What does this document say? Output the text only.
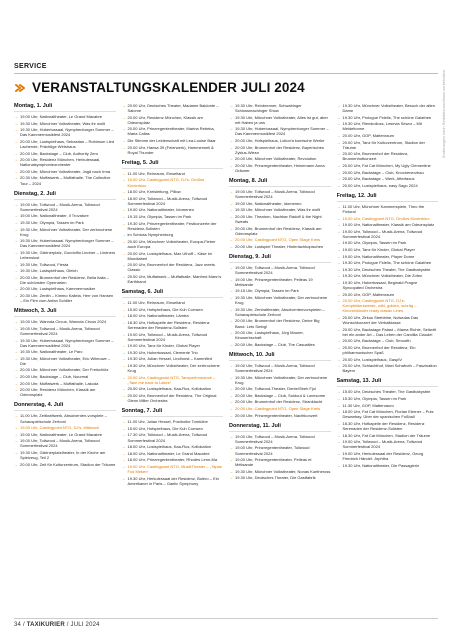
SERVICE
VERANSTALTUNGSKALENDER JULI 2024	Änderungen nach Redaktionsschluss vorbehalten
Montag, 1. Juli
→ 19.00 Uhr, Nationaltheater, Le Grand Macabre
→ 19.30 Uhr, Münchner Volkstheater, Was ihr wollt
→ 19.30 Uhr, Hubertussaal, Nymphenburger Sommer – Das Kammermusikfest 2024
→ 20.00 Uhr, Lustspielhaus, Sebastian – Robinson Lied Lachende, Prächtige Wirtshaus
→ 20.00 Uhr, Backstage – Club, Authority Zero
→ 20.00 Uhr, Residenz München, Herkulessaal, Nationalsymphonieorchester
→ 20.00 Uhr, Münchner Volkstheater, Jagd nach Irma
→ 20.30 Uhr, Muffatwerk – Muffathalle, The Collective Tour – 2024
Dienstag, 2. Juli
→ 19.00 Uhr, Tollwood – Musik-Arena, Tollwood Sommerfestival 2024
→ 19.00 Uhr, Nationaltheater, Il Trovatore
→ 19.30 Uhr, Olympia, Tassen im Park
→ 19.30 Uhr, Münchner Volkstheater, Der zerbrochene Krug
→ 19.30 Uhr, Hubertussaal, Nymphenburger Sommer – Das Kammermusikfest 2024
→ 19.30 Uhr, Gärtnerplatz, Gondolfio Lindner – Lindners Lebenslust
→ 19.30 Uhr, Tollwood, Fiesta
→ 19.30 Uhr, Lustspielhaus, Gleich
→ 20.00 Uhr, Brunnenhof der Residenz, Bella Italia – Die schönsten Opernarien
→ 20.00 Uhr, Lustspielhaus, Kammermusiker
→ 20.30 Uhr, Zenith – Kimmo Kallela, Herr von Hansen – Ein Film vom Anfan Schiller
Mittwoch, 3. Juli
→ 19.00 Uhr, Wannda Circus, Wannda Circus 2024
→ 19.00 Uhr, Tollwood – Musik-Arena, Tollwood Sommerfestival 2024
→ 19.30 Uhr, Hubertussaal, Nymphenburger Sommer – Das Kammermusikfest 2024
→ 19.30 Uhr, Nationaltheater, Le Parc
→ 19.30 Uhr, Münchner Volkstheater, Eric Wilmowe – Die
→ 20.00 Uhr, Münchner Volkstheater, Der Freischütz
→ 20.00 Uhr, Backstage – Club, Nourmal
→ 20.00 Uhr, Muffatwerk – Muffathalle, Lakoda
→ 20.00 Uhr, Residenz München, Klassik am Odeonsplatz
Donnerstag, 4. Juli
→ 11.00 Uhr, Zeitkraftwerk, Absolventen-vorspiele – Schauspielschule Zerboni
→ 19.00 Uhr, Castingpoint NTG, DJ's: Mittwoch
→ 19.00 Uhr, Nationaltheater, Le Grand Macabre
→ 19.00 Uhr, Tollwood – Musik-Arena, Tollwood Sommerfestival 2024
→ 19.30 Uhr, Gärtnerplatztheater, In der Kirche am Spielzeug, Teil 2
→ 20.00 Uhr, Zeit für Kulturzentrum, Stadion der Träume
→ 20.00 Uhr, Deutsches Theater, Madame Baldonte – Salome
→ 20.00 Uhr, Residenz München, Klassik am Odeonsplatz
→ 20.00 Uhr, Prinzregententheater, Marina Rebeka, Maria Callas
→ Die Stimme der Leidenschaft mit Lea-Louise Baar
→ 20.00 Uhr, Hansa 39 (Feierwerk), Hammerwell & Royal Thunder
Freitag, 5. Juli
→ 11.00 Uhr, Reinraum, Einselland
→ 15.00 Uhr, Castingpoint NTG, DJ's: Großes Kinderkino
→ 18.00 Uhr, Kreisleitung, Pillow
→ 18.00 Uhr, Tollwood – Musik-Arena, Tollwood Sommerfestival 2024
→ 19.00 Uhr, Nationaltheater, Idomeneo
→ 19.15 Uhr, Olympia, Tassen im Park
→ 19.30 Uhr, Prinzregententheater, Festkonzerte der Residenz-Solisten
→ im Schloss Nymphenburg
→ 20.00 Uhr, Münchner Volkstheater, Europa-Fieber auch Europa
→ 20.00 Uhr, Lustspielhaus, Max Uthoff – Käse im Mundlaberl
→ 20.00 Uhr, Brunnenhof der Residenz, Jazz meets Classic
→ 20.00 Uhr, Muffatwerk – Muffathalle, Manfred Mann's Earthband
Samstag, 6. Juli
→ 11.00 Uhr, Reinraum, Einselland
→ 15.00 Uhr, Hofspielhaus, Die Kuh Cornsen
→ 18.00 Uhr, Nationaltheater, Lämtra
→ 18.30 Uhr, Hofkapelle der Residenz, Residenz Serenaden der Residenz-Solisten
→ 19.00 Uhr, Tollwood – Musik-Arena, Tollwood Sommerfestival 2024
→ 19.00 Uhr, Tanz für Kinder, Global Player
→ 19.30 Uhr, Hubertussaal, Clemente Trio
→ 19.30 Uhr, Julian Hessel, Lindhorst – Kammfled
→ 19.30 Uhr, Münchner Volkstheater, Der zerbrochene Krug
→ 20.00 Uhr, Castingpoint NTG, Tanzperformance – „Take me back to Lakes“
→ 20.00 Uhr, Lustspielhaus, Kaa-Rus, Kollokation
→ 20.00 Uhr, Brunnenhof der Residenz, The Original Glenn Miller Orchestra
Sonntag, 7. Juli
→ 11.00 Uhr, Julian Hessel, Postholbe Tomköbe
→ 15.00 Uhr, Hofspielhaus, Die Kuh Cornsen
→ 17.30 Uhr, Tollwood – Musik-Arena, Tollwood Sommerfestival 2024
→ 18.00 Uhr, Lustspielhaus, Kaa-Rus, Kollokation
→ 18.00 Uhr, Nationaltheater, Le Grand Macabre
→ 18.00 Uhr, Prinzregententheater, Rhodes Lenn-Ma
→ 19.00 Uhr, Castingpoint NTG, MusikTheater – „Tapas Fod Meken“
→ 19.30 Uhr, Herkulessaal der Residenz, Bolero – Ein Amerikaner in Paris – Gaelic Symphony
→ 19.30 Uhr, Reinbrenner, Schwabinger Schlossmachinger Show
→ 19.30 Uhr, Münchner Volkstheater, Alles ist gut, aber mit Haben ja uns
→ 19.30 Uhr, Hubertussaal, Nymphenburger Sommer – Das Kammermusikfest 2024
→ 20.00 Uhr, Hofspielhaus, Lotion'a komische Werke
→ 20.00 Uhr, Brunnenhof der Residenz, Bayerisches Zyklus-Wiesn
→ 20.00 Uhr, Münchner Volkstheater, Revolution
→ 20.00 Uhr, Prinzregententheater, Heinemann Anna Gräuner
Montag, 8. Juli
→ 19.00 Uhr, Tollwood – Musik-Arena, Tollwood Sommerfestival 2024
→ 19.00 Uhr, Nationaltheater, Idomeneo
→ 19.30 Uhr, Münchner Volkstheater, Was ihr wollt
→ 20.00 Uhr, Theatron, Nachbar Radoff & the Night Sweats
→ 20.00 Uhr, Brunnenhof der Residenz, Klassik am Odeonsplatz
→ 20.00 Uhr, Castingpoint NTG, Open Stage Kreis
→ 20.00 Uhr, Lustspiel Theater, Hinterlachkopischen
Dienstag, 9. Juli
→ 19.00 Uhr, Tollwood – Musik-Arena, Tollwood Sommerfestival 2024
→ 19.00 Uhr, Prinzregententheater, Pelleas 19 Melisande
→ 19.15 Uhr, Olympia, Tassen im Park
→ 19.30 Uhr, Münchner Volkstheater, Der zerbrochene Krug
→ 19.30 Uhr, Zentraltheater, Absolventenvorspielen – Schauspielschule Zerboni
→ 20.00 Uhr, Brunnenhof der Residenz, Deine Big Band: Lets Swing!
→ 20.00 Uhr, Lustspielhaus, Jörg Maurer, Kinoserbschaft
→ 20.00 Uhr, Backstage – Club, The Casualties
Mittwoch, 10. Juli
→ 19.00 Uhr, Tollwood – Musik-Arena, Tollwood Sommerfestival 2024
→ 19.30 Uhr, Münchner Volkstheater, Der zerbrochene Krug
→ 20.00 Uhr, Tollwood-Theater, Dente/Sbeh Fjol
→ 20.00 Uhr, Backstage – Club, Soldout & Lonesome
→ 20.00 Uhr, Brunnenhof der Residenz, Stranklacht
→ 20.00 Uhr, Castingpoint NTG, Open Stage Kreis
→ 20.00 Uhr, Prinzregententheater, Nachtkonzert
Donnerstag, 11. Juli
→ 19.00 Uhr, Tollwood – Musik-Arena, Tollwood Sommerfestival 2024
→ 19.00 Uhr, Prinzregententheater, Tollwood Sommerfestival 2024
→ 19.00 Uhr, Prinzregententheater, Pelleas et Mélisande
→ 19.30 Uhr, Münchner Volkstheater, Nonas Kuetheross
→ 19.30 Uhr, Deutsches Theater, Die Gastfabrik
→ 19.30 Uhr, Münchner Volkstheater, Besuch der alten Dame
→ 19.30 Uhr, Prologue Fidelis, The schöne Galathee
→ 19.30 Uhr, Riemkolloss, Lesevla Sewor – Mit Meldeltonne
→ 20.00 Uhr, GOP, Mattenraum
→ 20.00 Uhr, Tanz für Kulturzentrum, Stadion der Träume
→ 20.00 Uhr, Brunnenhof der Residenz, Brunnenhofkonzert
→ 20.00 Uhr, Fat Cat München, My Ugly Clementine
→ 20.00 Uhr, Backstage – Club, Knochenerzbau
→ 20.00 Uhr, Backstage – Werk, Aftertaxus
→ 20.00 Uhr, Lustspielhaus, easy Sago 2024
Freitag, 12. Juli
→ 11.00 Uhr, Münchner Kammerspiele, Theo the Fictoral
→ 15.00 Uhr, Castingpoint NTG, Großes Kinderkino
→ 19.00 Uhr, Nationaltheater, Klassik am Odeonsplatz
→ 19.00 Uhr, Tollwood – Musik-Arena, Tollwood Sommerfestival 2024
→ 19.00 Uhr, Olympia, Tassen im Park
→ 19.00 Uhr, Tanz für Kinder, Global Player
→ 19.00 Uhr, Nationaltheater, Player Dome
→ 19.30 Uhr, Prologue Fidelis, The schöne Galathee
→ 19.30 Uhr, Deutsches Theater, The Gastbabystrie
→ 19.30 Uhr, Münchner Volkstheater, Die Zofen
→ 19.30 Uhr, Hubertussaal, Beginald Pragve Syncopated Orchestra
→ 20.00 Uhr, GOP, Mattenraum
→ 20.00 Uhr, Castingpoint NTG, DJ's: Kompbilderswerde, wild, golden, schräg – Kinoreinkinder ready classic Lines
→ 20.00 Uhr, Zirkus Strebbine, Notwulas Das Wunschkonzert der Verbalklasse
→ 20.00 Uhr, Backstage Palast – Mama Richie, Seltwitt bei ein ander Art – Das Leben der Camillia Claudel
→ 20.00 Uhr, Backstage – Club, Smoutth
→ 20.00 Uhr, Brunnenhof der Residenz, Ein philharmonischer Spaß
→ 20.00 Uhr, Lustspielhaus, GaspIV
→ 20.00 Uhr, Schlachthof, Maxi Schafroth – Faszination Bayern
Samstag, 13. Juli
→ 15.00 Uhr, Deutsches Theater, The Gastbabystrie
→ 15.30 Uhr, Olympia, Tassen im Park
→ 11.30 Uhr, GOP, Mattenraum
→ 18.00 Uhr, Fat Cat München, Florian Ebener – Puis Dewanbay. Über der spanischen Fußball
→ 18.30 Uhr, Hofkapelle der Residenz, Residenz Serenaden der Residenz-Solisten
→ 18.30 Uhr, Fat Cat München, Stadion der Träume
→ 19.00 Uhr, Tollwood – Musik-Arena, Tollwood Sommerfestival 2024
→ 19.00 Uhr, Herkulessaal der Residenz, Georg Friedrich Händel: Jephtha
→ 19.30 Uhr, Nationaltheater, Die Passagierin
34 / TAXIKURIER / JULI 2024
